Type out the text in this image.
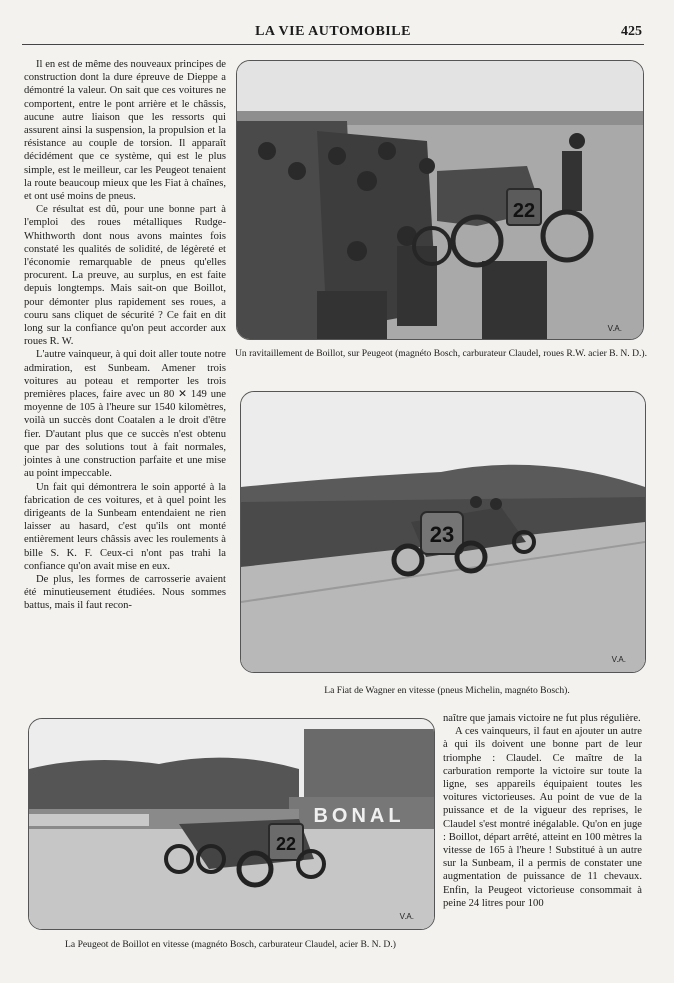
LA VIE AUTOMOBILE	425

Il en est de même des nouveaux principes de construction dont la dure épreuve de Dieppe a démontré la valeur. On sait que ces voitures ne comportent, entre le pont arrière et le châssis, aucune autre liaison que les ressorts qui assurent ainsi la suspension, la propulsion et la résistance au couple de torsion. Il apparaît décidément que ce système, qui est le plus simple, est le meilleur, car les Peugeot tenaient la route beaucoup mieux que les Fiat à chaînes, et ont usé moins de pneus.

Ce résultat est dû, pour une bonne part à l'emploi des roues métalliques Rudge-Whithworth dont nous avons maintes fois constaté les qualités de solidité, de légèreté et l'économie remarquable de pneus qu'elles procurent. La preuve, au surplus, en est faite depuis longtemps. Mais sait-on que Boillot, pour démonter plus rapidement ses roues, a couru sans cliquet de sécurité ? Ce fait en dit long sur la confiance qu'on peut accorder aux roues R. W.

L'autre vainqueur, à qui doit aller toute notre admiration, est Sunbeam. Amener trois voitures au poteau et remporter les trois premières places, faire avec un 80 ✕ 149 une moyenne de 105 à l'heure sur 1540 kilomètres, voilà un succès dont Coatalen a le droit d'être fier. D'autant plus que ce succès n'est obtenu que par des solutions tout à fait normales, jointes à une construction parfaite et une mise au point impeccable.

Un fait qui démontrera le soin apporté à la fabrication de ces voitures, et à quel point les dirigeants de la Sunbeam entendaient ne rien laisser au hasard, c'est qu'ils ont monté entièrement leurs châssis avec les roulements à bille S. K. F. Ceux-ci n'ont pas trahi la confiance qu'on avait mise en eux.

De plus, les formes de carrosserie avaient été minutieusement étudiées. Nous sommes battus, mais il faut recon-

22
V.A.
Un ravitaillement de Boillot, sur Peugeot (magnéto Bosch, carburateur Claudel, roues R.W. acier B. N. D.).
23
V.A.
La Fiat de Wagner en vitesse (pneus Michelin, magnéto Bosch).
BONAL
22
V.A.
La Peugeot de Boillot en vitesse (magnéto Bosch, carburateur Claudel, acier B. N. D.)

naître que jamais victoire ne fut plus régulière.

A ces vainqueurs, il faut en ajouter un autre à qui ils doivent une bonne part de leur triomphe : Claudel. Ce maître de la carburation remporte la victoire sur toute la ligne, ses appareils équipaient toutes les voitures victorieuses. Au point de vue de la puissance et de la vigueur des reprises, le Claudel s'est montré inégalable. Qu'on en juge : Boillot, départ arrêté, atteint en 100 mètres la vitesse de 165 à l'heure ! Substitué à un autre sur la Sunbeam, il a permis de constater une augmentation de puissance de 11 chevaux. Enfin, la Peugeot victorieuse consommait à peine 24 litres pour 100
